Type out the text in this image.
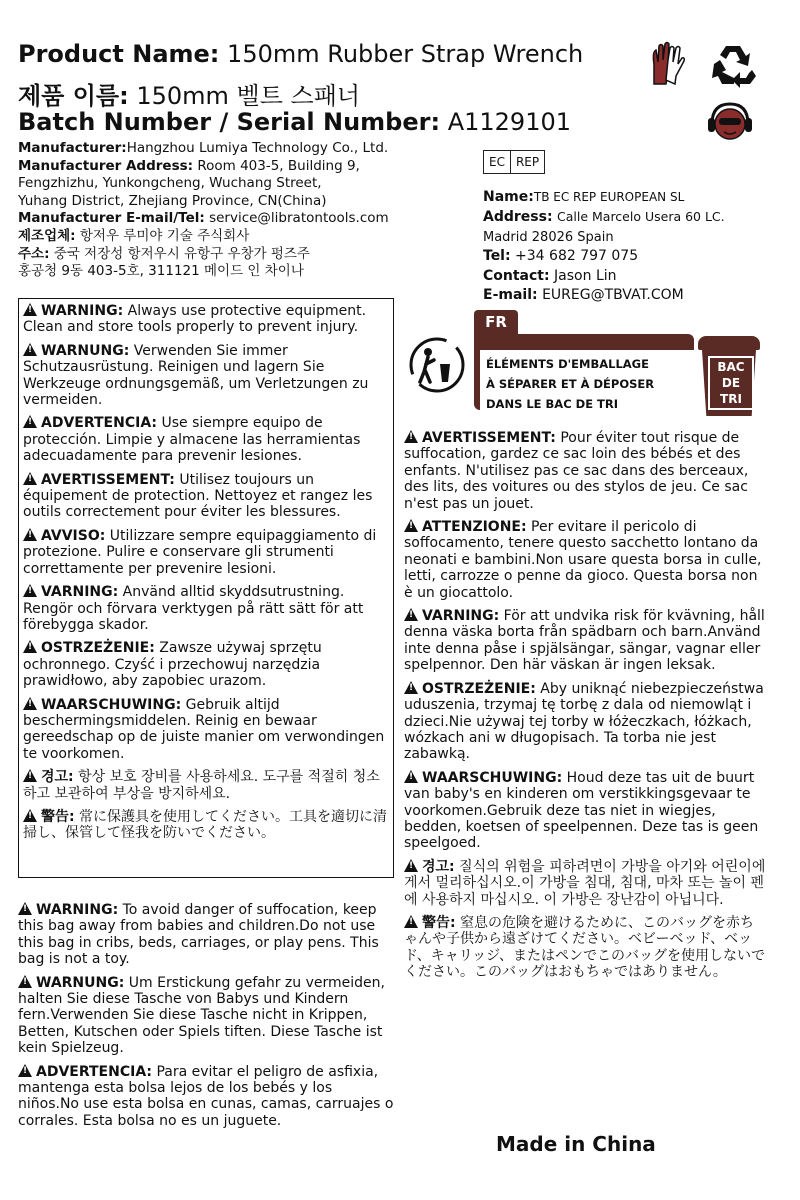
Product Name: 150mm Rubber Strap Wrench
제품 이름: 150mm 벨트 스패너
Batch Number / Serial Number: A1129101
Manufacturer:Hangzhou Lumiya Technology Co., Ltd.
Manufacturer Address: Room 403-5, Building 9,
Fengzhizhu, Yunkongcheng, Wuchang Street,
Yuhang District, Zhejiang Province, CN(China)
Manufacturer E-mail/Tel: service@libratontools.com
제조업체: 항저우 루미야 기술 주식회사
주소: 중국 저장성 항저우시 유항구 우창가 펑즈주
홍공청 9동 403-5호, 311121 메이드 인 차이나
EC REP
Name:TB EC REP EUROPEAN SL
Address: Calle Marcelo Usera 60 LC.
Madrid 28026 Spain
Tel: +34 682 797 075
Contact: Jason Lin
E-mail: EUREG@TBVAT.COM
FR
ÉLÉMENTS D'EMBALLAGE
À SÉPARER ET À DÉPOSER
DANS LE BAC DE TRI
BAC
DE
TRI
!WARNING: Always use protective equipment. Clean and store tools properly to prevent injury.
!WARNUNG: Verwenden Sie immer Schutzausrüstung. Reinigen und lagern Sie Werkzeuge ordnungsgemäß, um Verletzungen zu vermeiden.
!ADVERTENCIA: Use siempre equipo de protección. Limpie y almacene las herramientas adecuadamente para prevenir lesiones.
!AVERTISSEMENT: Utilisez toujours un équipement de protection. Nettoyez et rangez les outils correctement pour éviter les blessures.
!AVVISO: Utilizzare sempre equipaggiamento di protezione. Pulire e conservare gli strumenti correttamente per prevenire lesioni.
!VARNING: Använd alltid skyddsutrustning. Rengör och förvara verktygen på rätt sätt för att förebygga skador.
!OSTRZEŻENIE: Zawsze używaj sprzętu ochronnego. Czyść i przechowuj narzędzia prawidłowo, aby zapobiec urazom.
!WAARSCHUWING: Gebruik altijd beschermingsmiddelen. Reinig en bewaar gereedschap op de juiste manier om verwondingen te voorkomen.
!경고: 항상 보호 장비를 사용하세요. 도구를 적절히 청소하고 보관하여 부상을 방지하세요.
!警告: 常に保護具を使用してください。工具を適切に清掃し、保管して怪我を防いでください。
!WARNING: To avoid danger of suffocation, keep this bag away from babies and children.Do not use this bag in cribs, beds, carriages, or play pens. This bag is not a toy.
!WARNUNG: Um Erstickung gefahr zu vermeiden, halten Sie diese Tasche von Babys und Kindern fern.Verwenden Sie diese Tasche nicht in Krippen, Betten, Kutschen oder Spiels tiften. Diese Tasche ist kein Spielzeug.
!ADVERTENCIA: Para evitar el peligro de asfixia, mantenga esta bolsa lejos de los bebés y los niños.No use esta bolsa en cunas, camas, carruajes o corrales. Esta bolsa no es un juguete.
!AVERTISSEMENT: Pour éviter tout risque de suffocation, gardez ce sac loin des bébés et des enfants. N'utilisez pas ce sac dans des berceaux, des lits, des voitures ou des stylos de jeu. Ce sac n'est pas un jouet.
!ATTENZIONE: Per evitare il pericolo di soffocamento, tenere questo sacchetto lontano da neonati e bambini.Non usare questa borsa in culle, letti, carrozze o penne da gioco. Questa borsa non è un giocattolo.
!VARNING: För att undvika risk för kvävning, håll denna väska borta från spädbarn och barn.Använd inte denna påse i spjälsängar, sängar, vagnar eller spelpennor. Den här väskan är ingen leksak.
!OSTRZEŻENIE: Aby uniknąć niebezpieczeństwa uduszenia, trzymaj tę torbę z dala od niemowląt i dzieci.Nie używaj tej torby w łóżeczkach, łóżkach, wózkach ani w długopisach. Ta torba nie jest zabawką.
!WAARSCHUWING: Houd deze tas uit de buurt van baby's en kinderen om verstikkingsgevaar te voorkomen.Gebruik deze tas niet in wiegjes, bedden, koetsen of speelpennen. Deze tas is geen speelgoed.
!경고: 질식의 위험을 피하려면이 가방을 아기와 어린이에게서 멀리하십시오.이 가방을 침대, 침대, 마차 또는 놀이 펜에 사용하지 마십시오. 이 가방은 장난감이 아닙니다.
!警告: 窒息の危険を避けるために、このバッグを赤ちゃんや子供から遠ざけてください。ベビーベッド、ベッド、キャリッジ、またはペンでこのバッグを使用しないでください。このバッグはおもちゃではありません。
Made in China
